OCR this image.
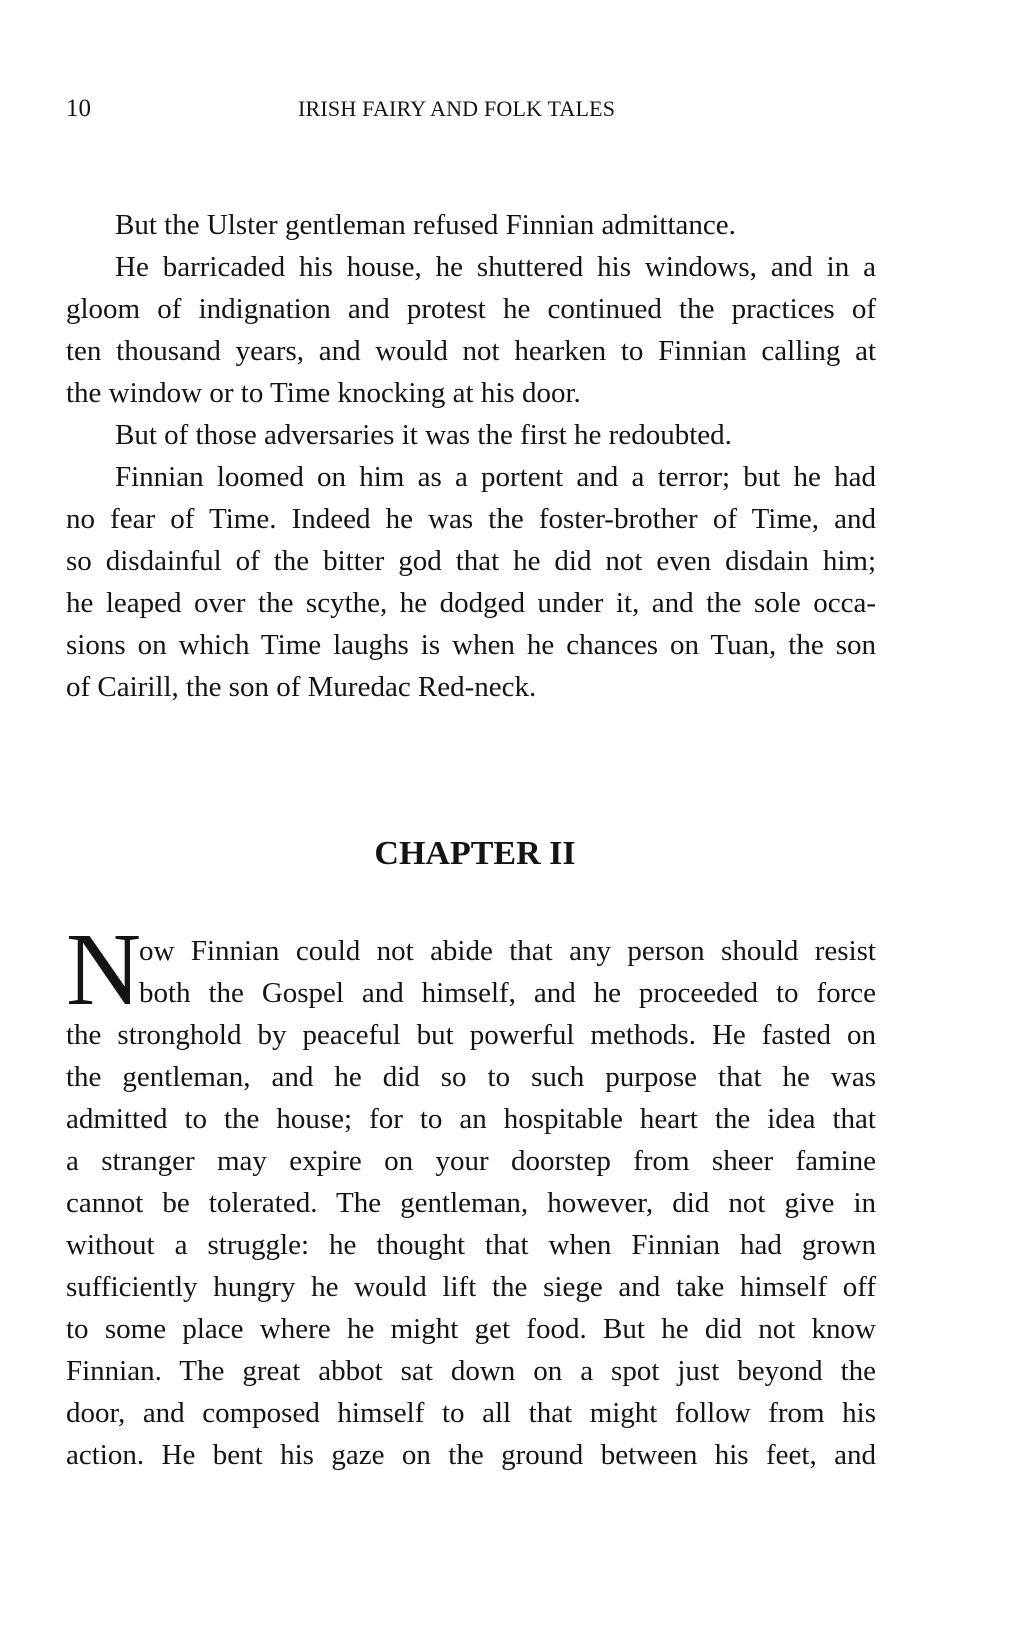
10	IRISH FAIRY AND FOLK TALES
But the Ulster gentleman refused Finnian admittance.
He barricaded his house, he shuttered his windows, and in a
gloom of indignation and protest he continued the practices of
ten thousand years, and would not hearken to Finnian calling at
the window or to Time knocking at his door.
But of those adversaries it was the first he redoubted.
Finnian loomed on him as a portent and a terror; but he had
no fear of Time. Indeed he was the foster-brother of Time, and
so disdainful of the bitter god that he did not even disdain him;
he leaped over the scythe, he dodged under it, and the sole occa-
sions on which Time laughs is when he chances on Tuan, the son
of Cairill, the son of Muredac Red-neck.
CHAPTER II
N
ow Finnian could not abide that any person should resist
both the Gospel and himself, and he proceeded to force
the stronghold by peaceful but powerful methods. He fasted on
the gentleman, and he did so to such purpose that he was
admitted to the house; for to an hospitable heart the idea that
a stranger may expire on your doorstep from sheer famine
cannot be tolerated. The gentleman, however, did not give in
without a struggle: he thought that when Finnian had grown
sufficiently hungry he would lift the siege and take himself off
to some place where he might get food. But he did not know
Finnian. The great abbot sat down on a spot just beyond the
door, and composed himself to all that might follow from his
action. He bent his gaze on the ground between his feet, and
